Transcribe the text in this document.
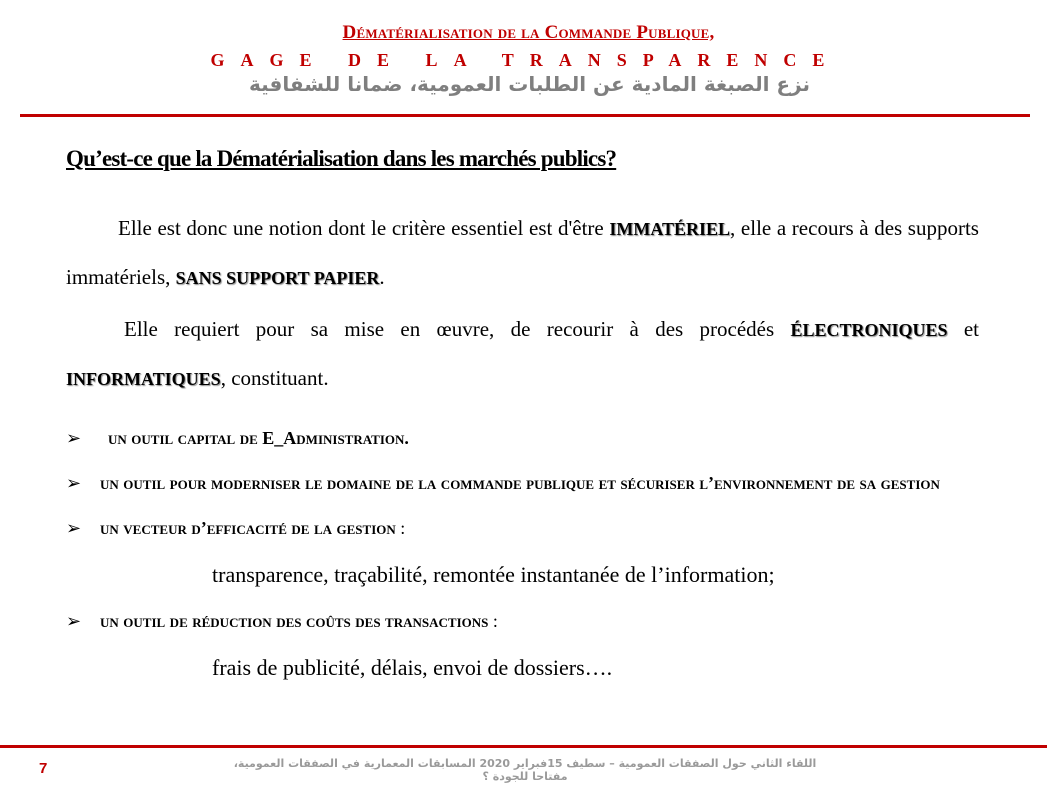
Dématérialisation de la Commande Publique,
GAGE DE LA TRANSPARENCE
نزع الصبغة المادية عن الطلبات العمومية، ضمانا للشفافية
Qu’est-ce que la Dématérialisation dans les marchés publics?

Elle est donc une notion dont le critère essentiel est d'être IMMATÉRIEL, elle a recours à des supports immatériels, SANS SUPPORT PAPIER.

Elle requiert pour sa mise en œuvre, de recourir à des procédés ÉLECTRONIQUES et INFORMATIQUES, constituant.

➢ un outil capital de E_Administration.
➢ un outil pour moderniser le domaine de la commande publique et sécuriser l’environnement de sa gestion
➢ un vecteur d’efficacité de la gestion :
transparence, traçabilité, remontée instantanée de l’information;
➢ un outil de réduction des coûts des transactions :
frais de publicité, délais, envoi de dossiers….
7	اللقاء الثاني حول الصفقات العمومية – سطيف 15فبراير 2020 المسابقات المعمارية في الصفقات العمومية، مفتاحا للجودة ؟
